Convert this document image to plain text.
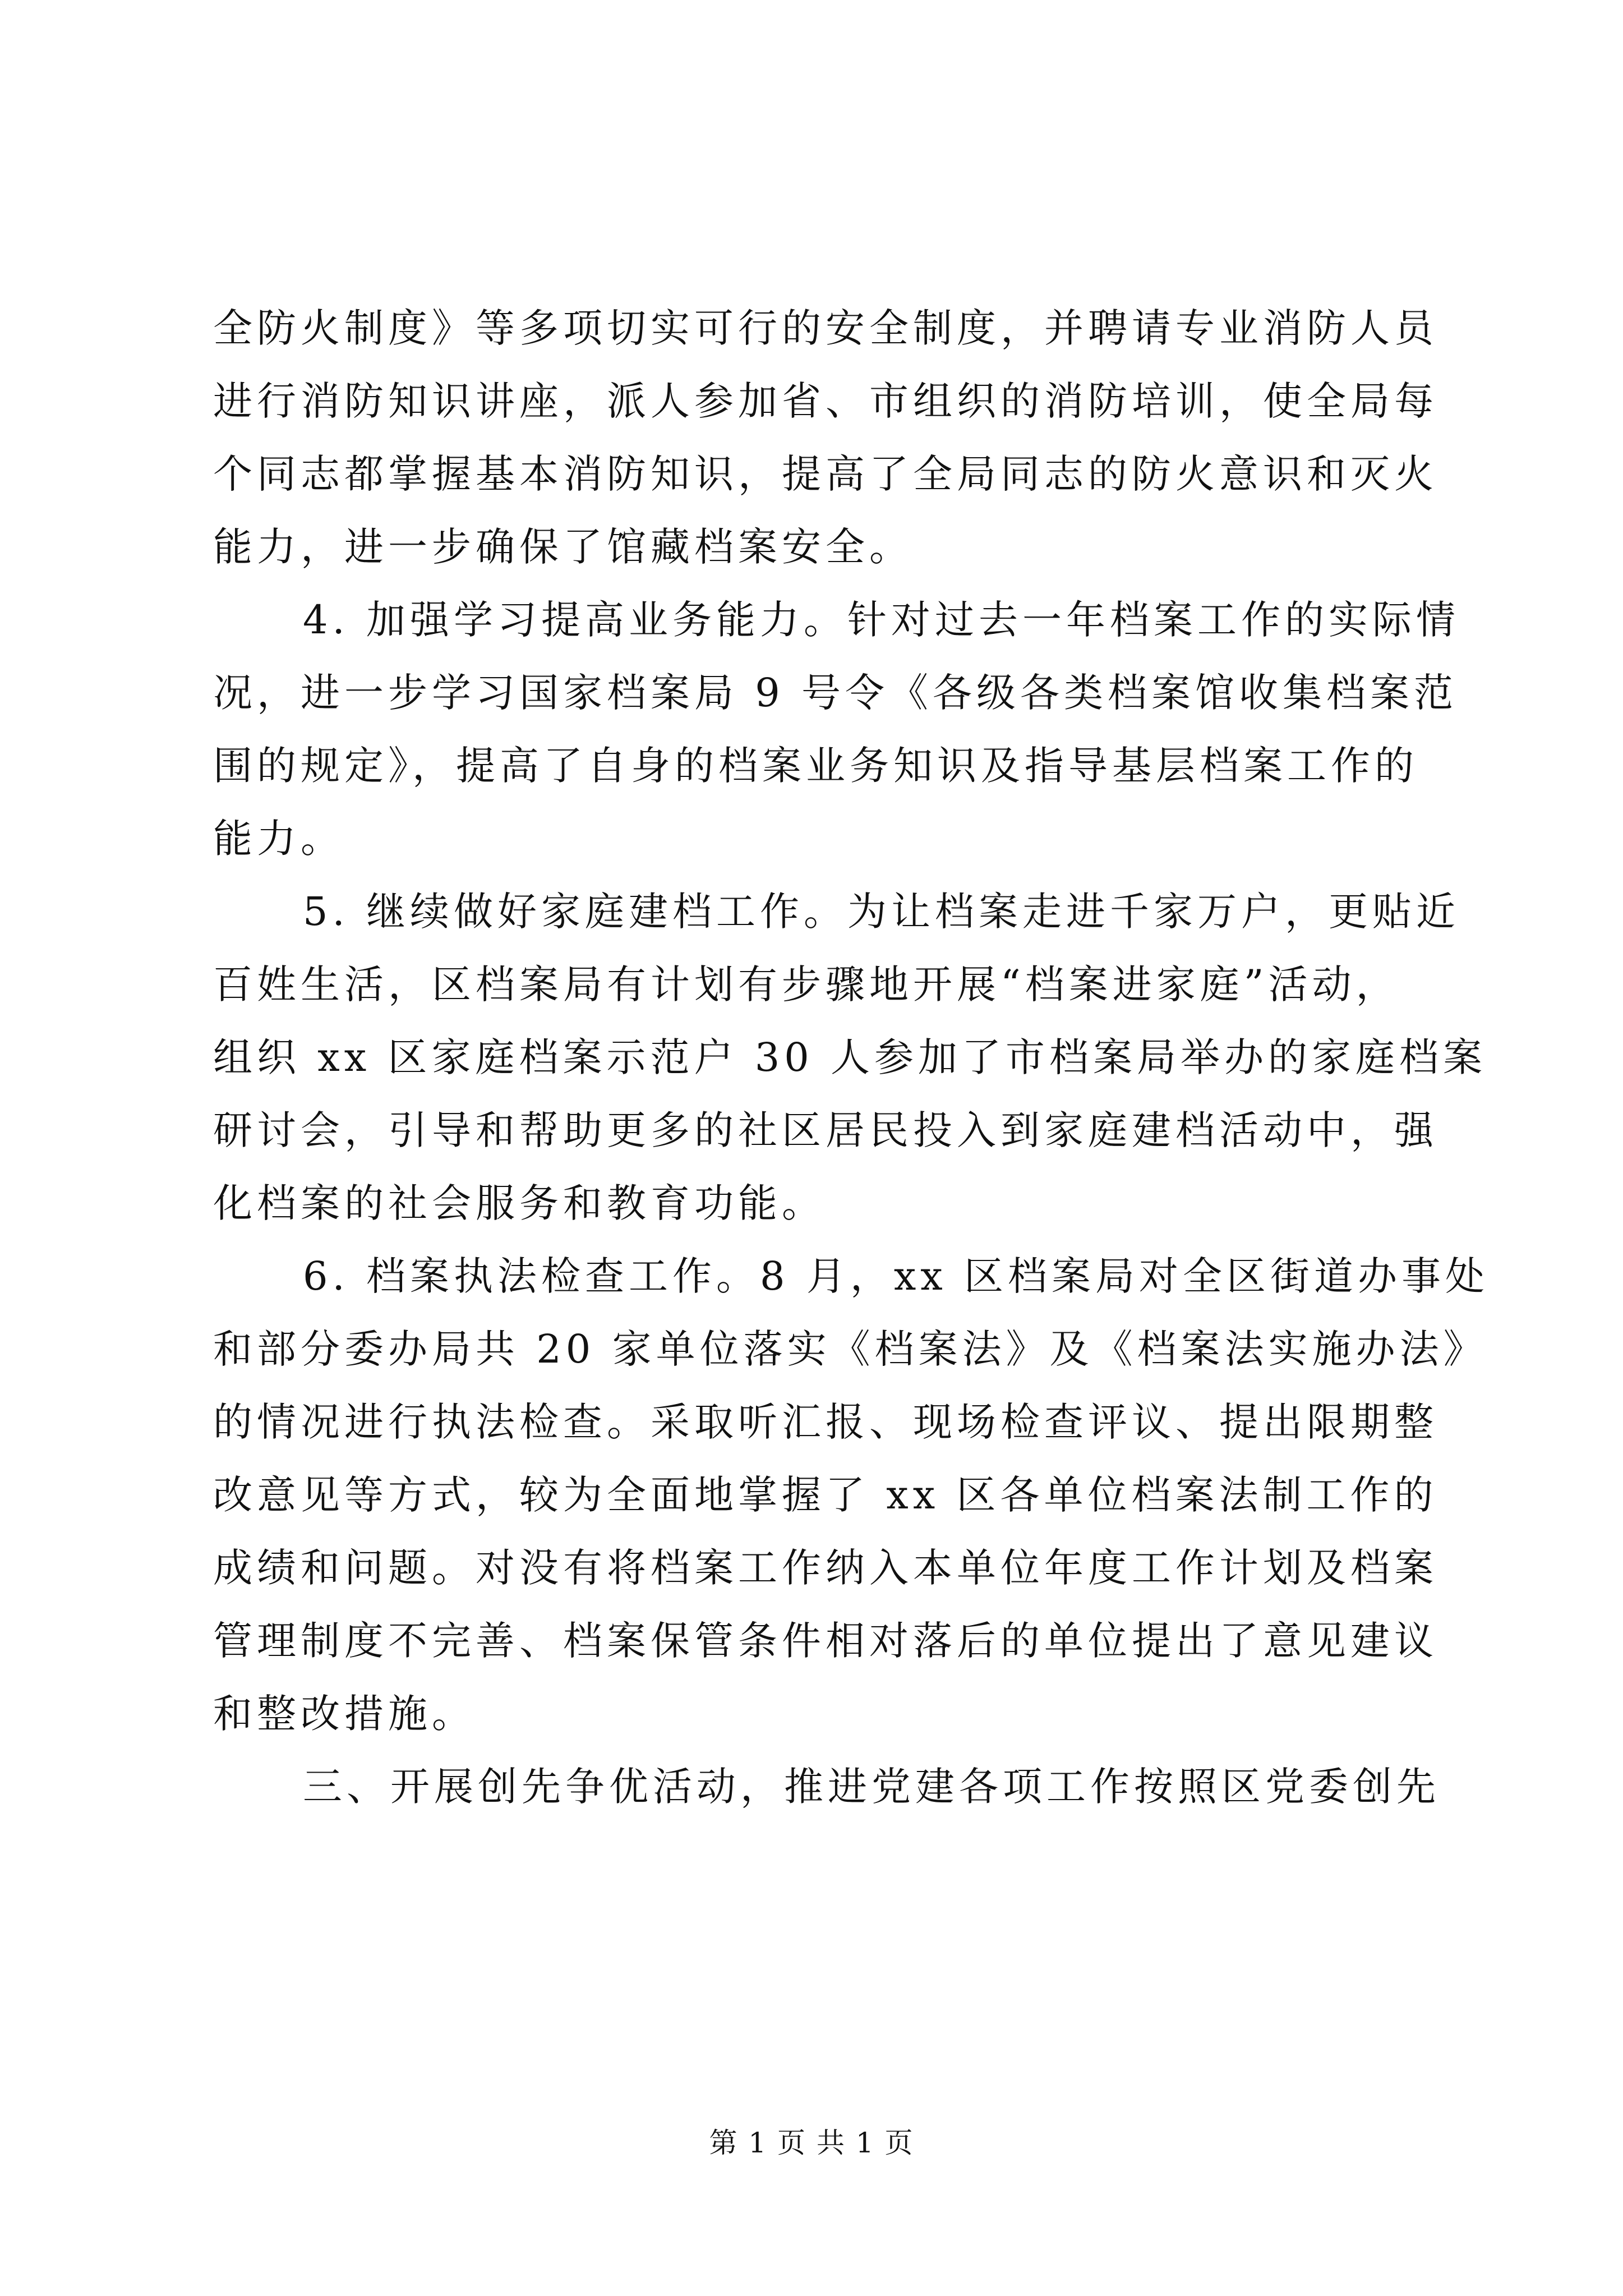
全防火制度》等多项切实可行的安全制度，并聘请专业消防人员
进行消防知识讲座，派人参加省、市组织的消防培训，使全局每
个同志都掌握基本消防知识，提高了全局同志的防火意识和灭火
能力，进一步确保了馆藏档案安全。
4. 加强学习提高业务能力。针对过去一年档案工作的实际情
况，进一步学习国家档案局 9 号令《各级各类档案馆收集档案范
围的规定》，提高了自身的档案业务知识及指导基层档案工作的
能力。
5. 继续做好家庭建档工作。为让档案走进千家万户，更贴近
百姓生活，区档案局有计划有步骤地开展“档案进家庭”活动，
组织 xx 区家庭档案示范户 30 人参加了市档案局举办的家庭档案
研讨会，引导和帮助更多的社区居民投入到家庭建档活动中，强
化档案的社会服务和教育功能。
6. 档案执法检查工作。8 月，xx 区档案局对全区街道办事处
和部分委办局共 20 家单位落实《档案法》及《档案法实施办法》
的情况进行执法检查。采取听汇报、现场检查评议、提出限期整
改意见等方式，较为全面地掌握了 xx 区各单位档案法制工作的
成绩和问题。对没有将档案工作纳入本单位年度工作计划及档案
管理制度不完善、档案保管条件相对落后的单位提出了意见建议
和整改措施。
三、开展创先争优活动，推进党建各项工作按照区党委创先
第 1 页 共 1 页
